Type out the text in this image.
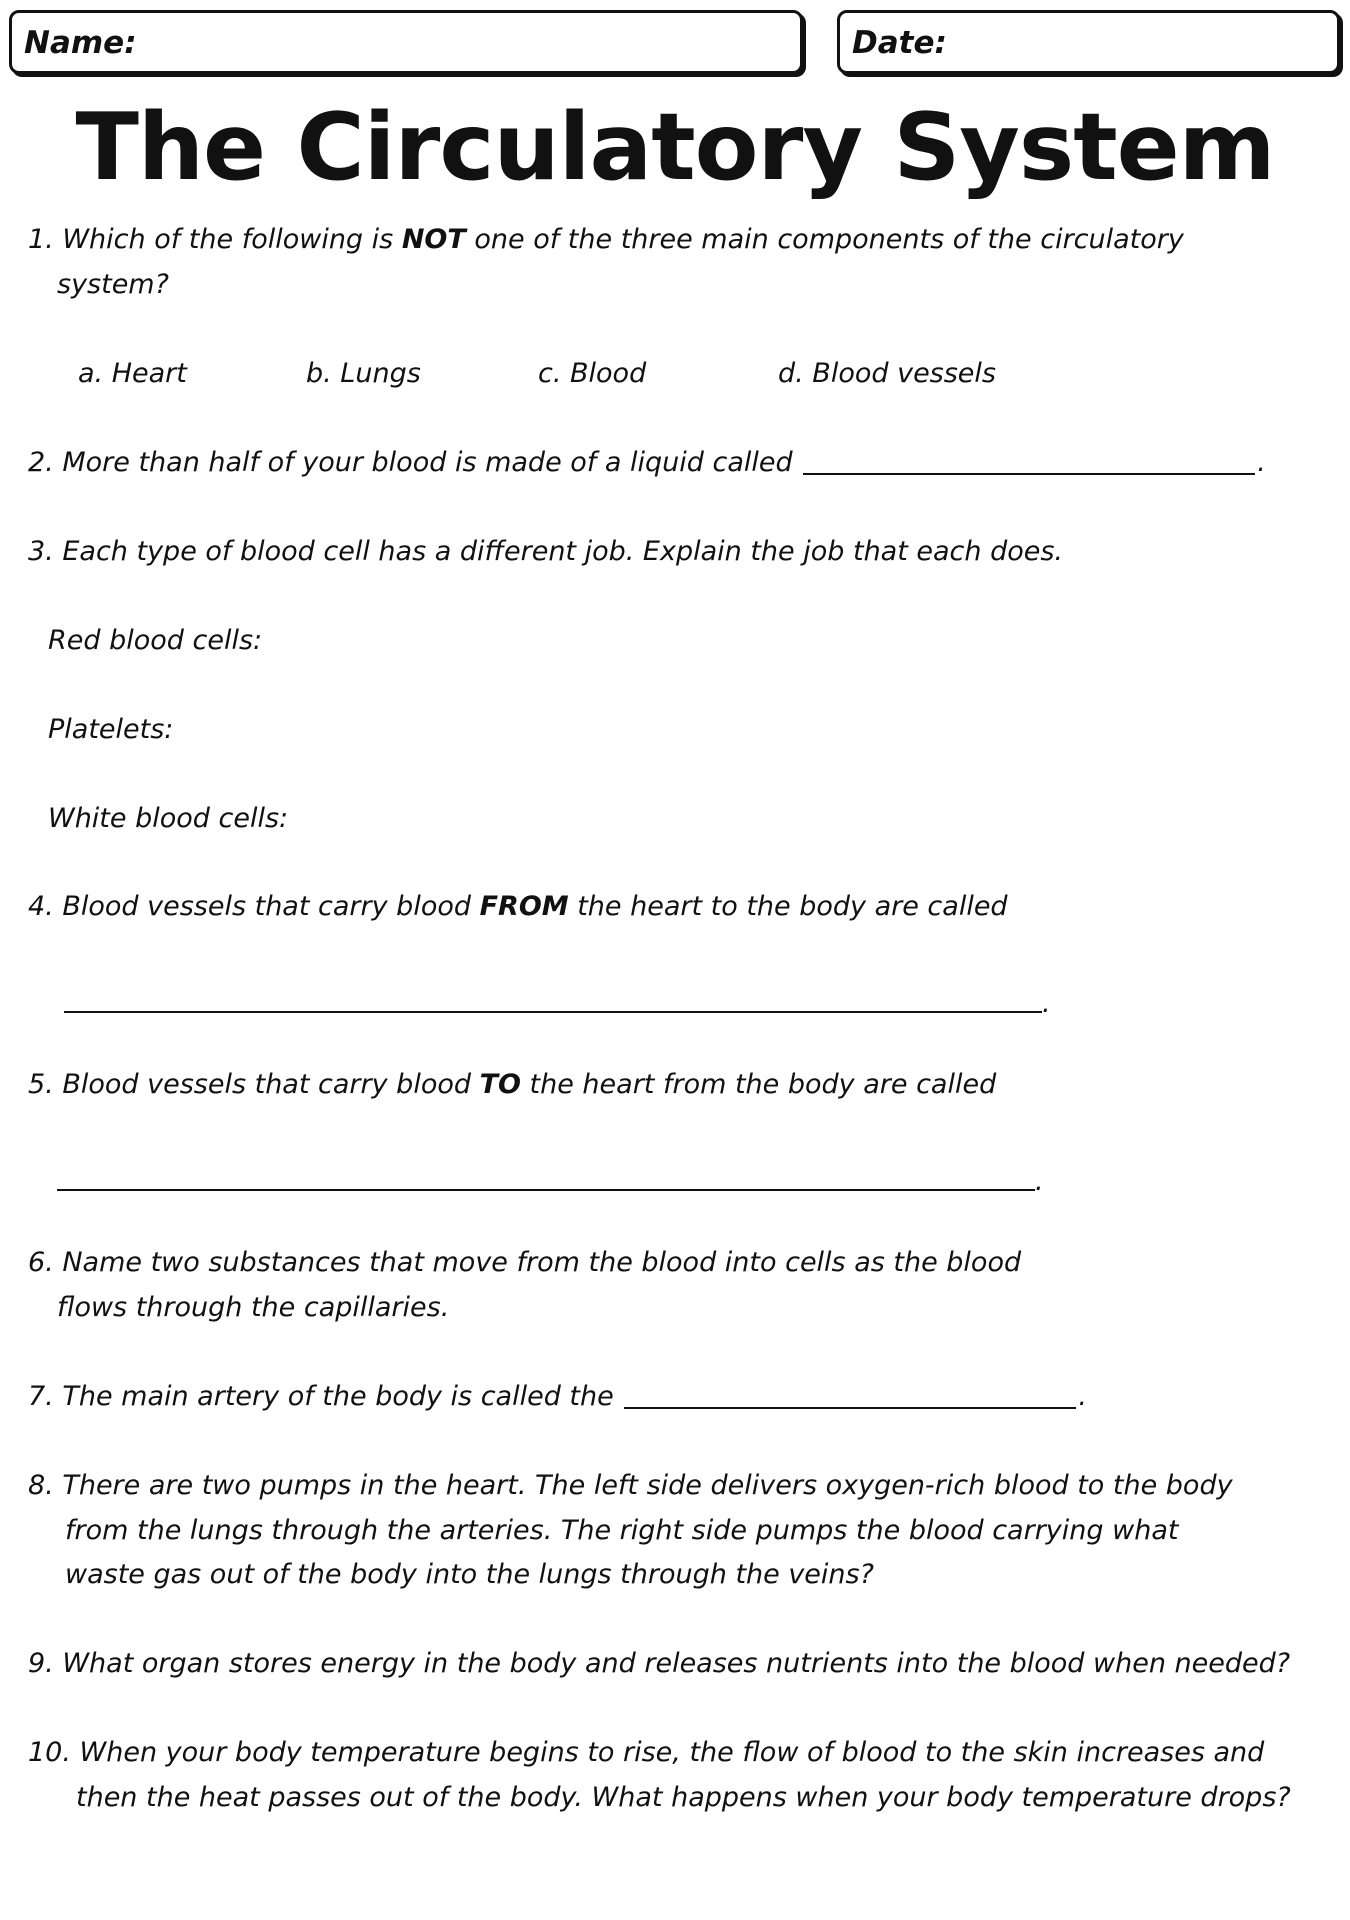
Name:	Date:
The Circulatory System
1. Which of the following is NOT one of the three main components of the circulatory
system?
a. Heart	b. Lungs	c. Blood	d. Blood vessels
2. More than half of your blood is made of a liquid called	.
3. Each type of blood cell has a different job. Explain the job that each does.
Red blood cells:
Platelets:
White blood cells:
4. Blood vessels that carry blood FROM the heart to the body are called
.
5. Blood vessels that carry blood TO the heart from the body are called
.
6. Name two substances that move from the blood into cells as the blood
flows through the capillaries.
7. The main artery of the body is called the	.
8. There are two pumps in the heart. The left side delivers oxygen-rich blood to the body
from the lungs through the arteries. The right side pumps the blood carrying what
waste gas out of the body into the lungs through the veins?
9. What organ stores energy in the body and releases nutrients into the blood when needed?
10. When your body temperature begins to rise, the flow of blood to the skin increases and
then the heat passes out of the body. What happens when your body temperature drops?
